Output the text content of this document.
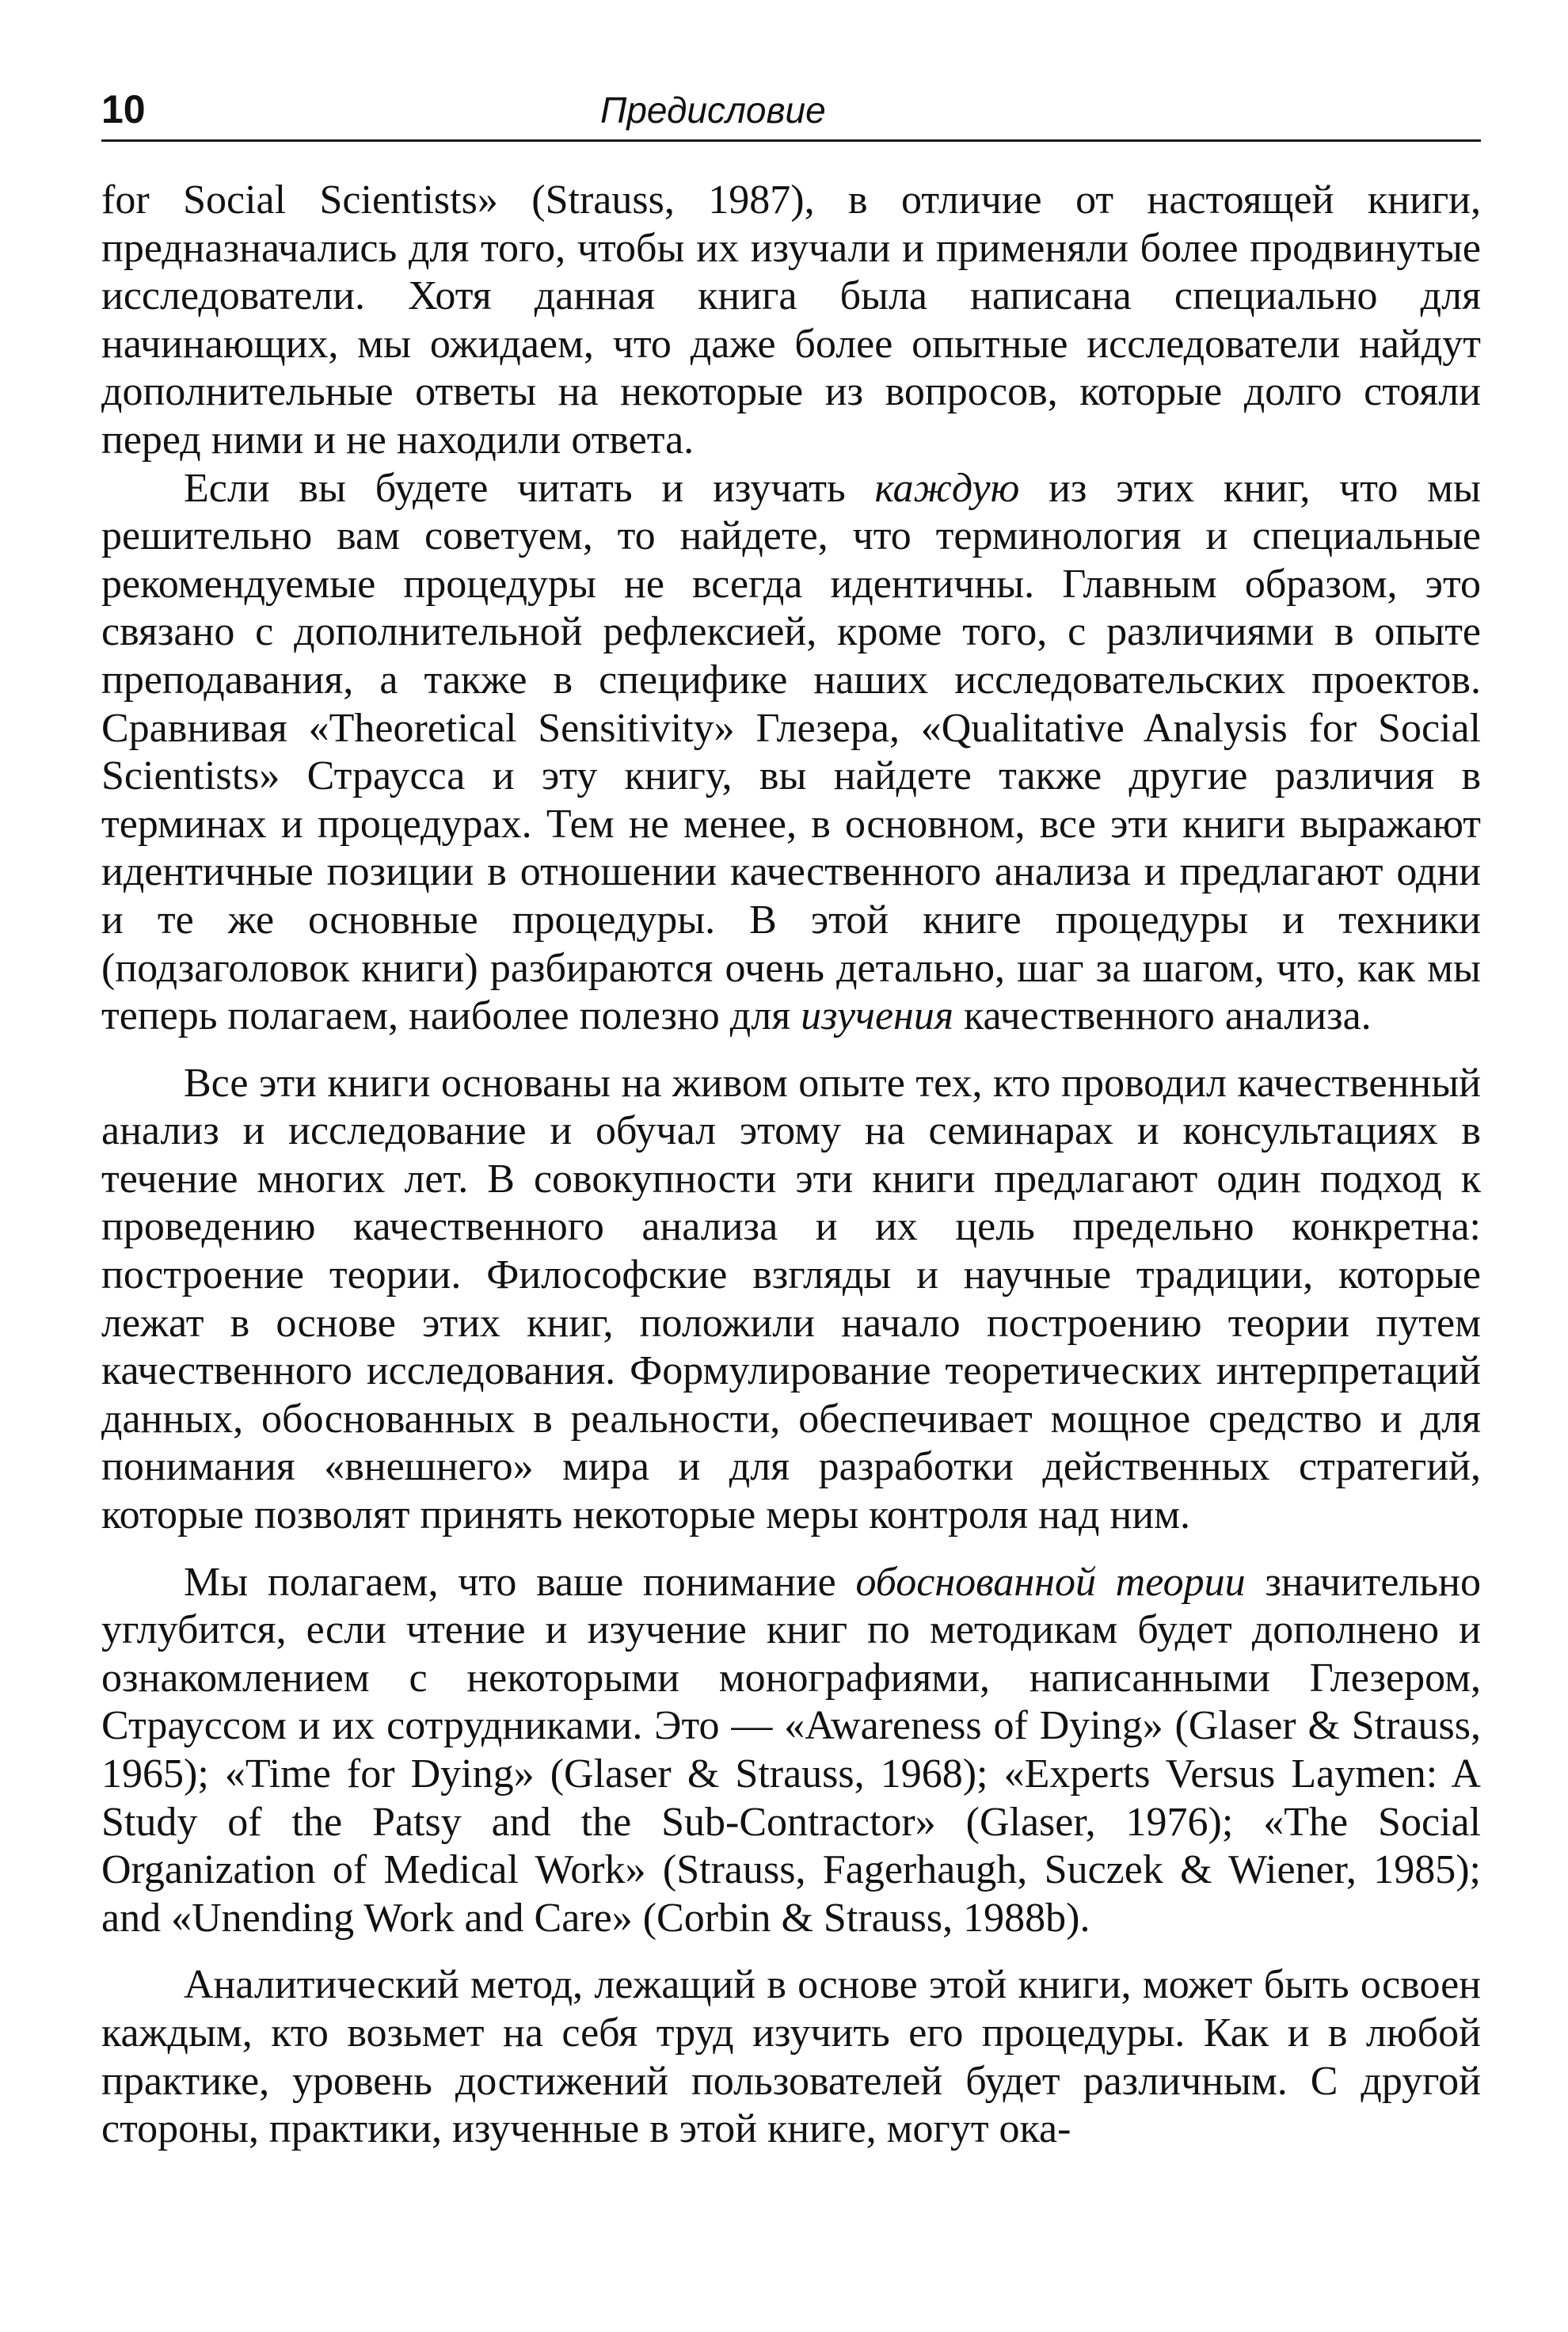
10	Предисловие

for Social Scientists» (Strauss, 1987), в отличие от настоящей книги, предназначались для того, чтобы их изучали и применяли более продвинутые исследователи. Хотя данная книга была написана специально для начинающих, мы ожидаем, что даже более опытные исследователи найдут дополнительные ответы на некоторые из вопросов, которые долго стояли перед ними и не находили ответа.

Если вы будете читать и изучать каждую из этих книг, что мы решительно вам советуем, то найдете, что терминология и специальные рекомендуемые процедуры не всегда идентичны. Главным образом, это связано с дополнительной рефлексией, кроме того, с различиями в опыте преподавания, а также в специфике наших исследовательских проектов. Сравнивая «Theoretical Sensitivity» Глезера, «Qualitative Analysis for Social Scientists» Страусса и эту книгу, вы найдете также другие различия в терминах и процедурах. Тем не менее, в основном, все эти книги выражают идентичные позиции в отношении качественного анализа и предлагают одни и те же основные процедуры. В этой книге процедуры и техники (подзаголовок книги) разбираются очень детально, шаг за шагом, что, как мы теперь полагаем, наиболее полезно для изучения качественного анализа.

Все эти книги основаны на живом опыте тех, кто проводил качественный анализ и исследование и обучал этому на семинарах и консультациях в течение многих лет. В совокупности эти книги предлагают один подход к проведению качественного анализа и их цель предельно конкретна: построение теории. Философские взгляды и научные традиции, которые лежат в основе этих книг, положили начало построению теории путем качественного исследования. Формулирование теоретических интерпретаций данных, обоснованных в реальности, обеспечивает мощное средство и для понимания «внешнего» мира и для разработки действенных стратегий, которые позволят принять некоторые меры контроля над ним.

Мы полагаем, что ваше понимание обоснованной теории значительно углубится, если чтение и изучение книг по методикам будет дополнено и ознакомлением с некоторыми монографиями, написанными Глезером, Страуссом и их сотрудниками. Это — «Awareness of Dying» (Glaser & Strauss, 1965); «Time for Dying» (Glaser & Strauss, 1968); «Experts Versus Laymen: A Study of the Patsy and the Sub-Contractor» (Glaser, 1976); «The Social Organization of Medical Work» (Strauss, Fagerhaugh, Suczek & Wiener, 1985); and «Unending Work and Care» (Corbin & Strauss, 1988b).

Аналитический метод, лежащий в основе этой книги, может быть освоен каждым, кто возьмет на себя труд изучить его процедуры. Как и в любой практике, уровень достижений пользователей будет различным. С другой стороны, практики, изученные в этой книге, могут ока-
